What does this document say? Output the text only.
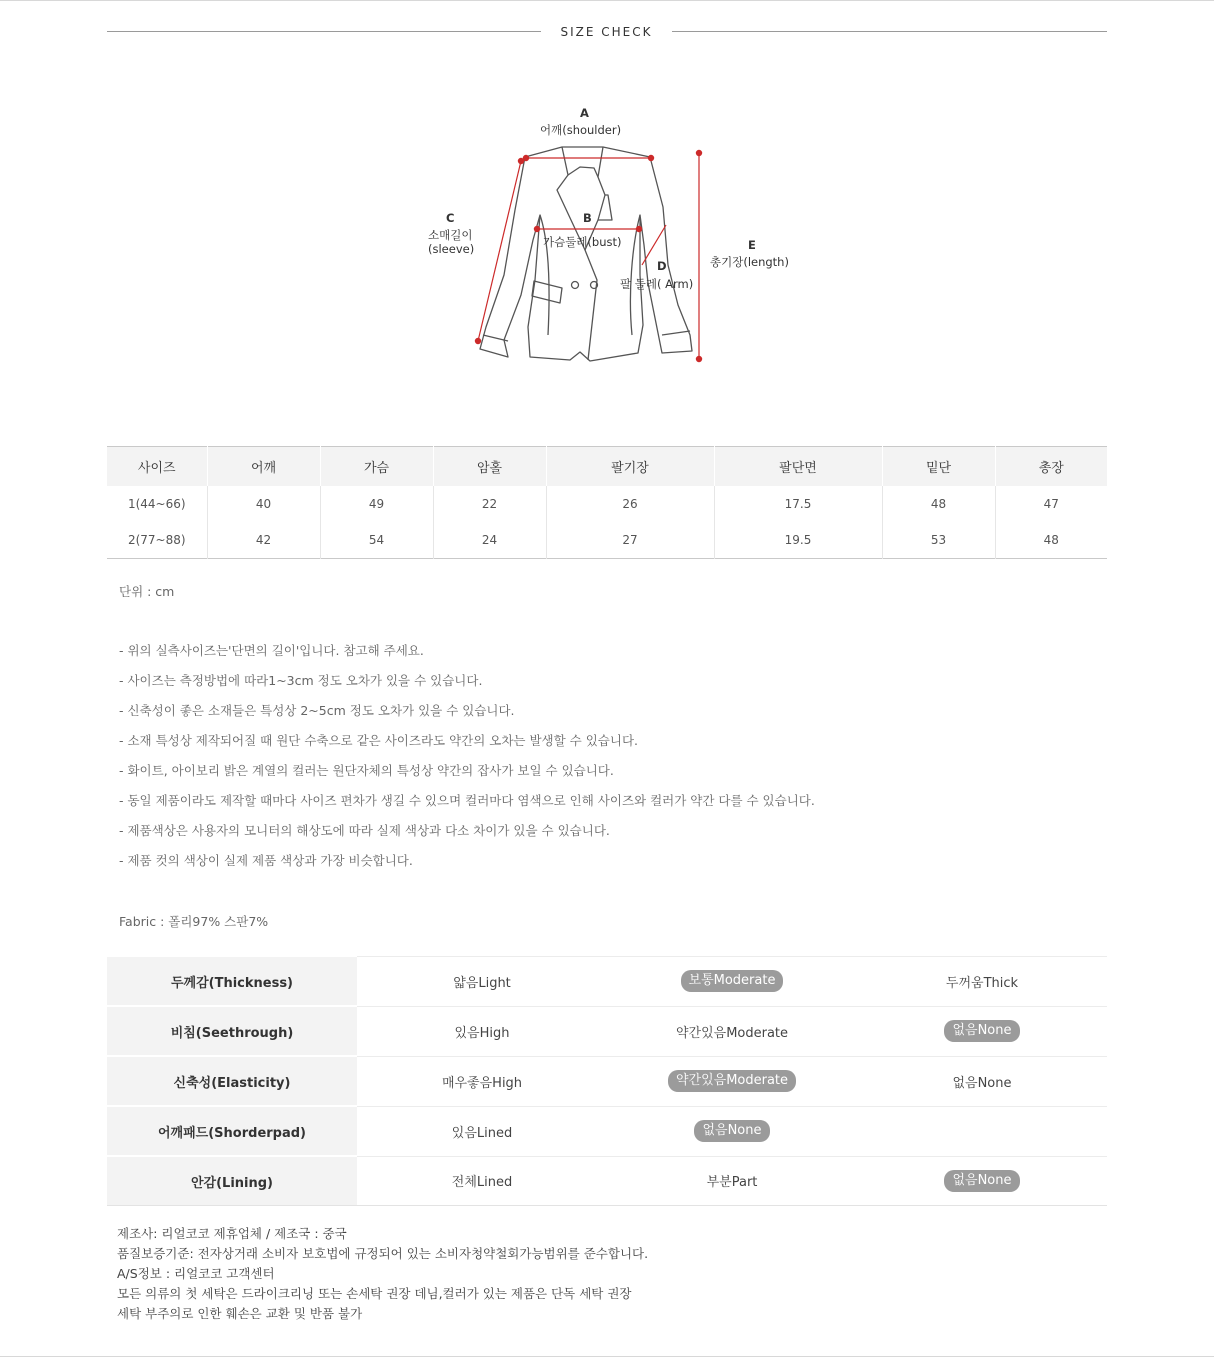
SIZE CHECK
A
어깨(shoulder)
B
가슴둘레(bust)
C
소매길이
(sleeve)
D
팔 둘레( Arm)
E
총기장(length)
사이즈	어깨	가슴	암홀	팔기장	팔단면	밑단	총장
1(44~66)	40	49	22	26	17.5	48	47
2(77~88)	42	54	24	27	19.5	53	48
단위 : cm
- 위의 실측사이즈는'단면의 길이'입니다. 참고해 주세요.
- 사이즈는 측정방법에 따라1~3cm 정도 오차가 있을 수 있습니다.
- 신축성이 좋은 소재들은 특성상 2~5cm 정도 오차가 있을 수 있습니다.
- 소재 특성상 제작되어질 때 원단 수축으로 같은 사이즈라도 약간의 오차는 발생할 수 있습니다.
- 화이트, 아이보리 밝은 계열의 컬러는 원단자체의 특성상 약간의 잡사가 보일 수 있습니다.
- 동일 제품이라도 제작할 때마다 사이즈 편차가 생길 수 있으며 컬러마다 염색으로 인해 사이즈와 컬러가 약간 다를 수 있습니다.
- 제품색상은 사용자의 모니터의 해상도에 따라 실제 색상과 다소 차이가 있을 수 있습니다.
- 제품 컷의 색상이 실제 제품 색상과 가장 비슷합니다.
Fabric : 폴리97% 스판7%
두께감(Thickness)	얇음Light	보통Moderate	두꺼움Thick
비침(Seethrough)	있음High	약간있음Moderate	없음None
신축성(Elasticity)	매우좋음High	약간있음Moderate	없음None
어깨패드(Shorderpad)	있음Lined	없음None	
안감(Lining)	전체Lined	부분Part	없음None
제조사: 리얼코코 제휴업체 / 제조국 : 중국
품질보증기준: 전자상거래 소비자 보호법에 규정되어 있는 소비자청약철회가능범위를 준수합니다.
A/S정보 : 리얼코코 고객센터
모든 의류의 첫 세탁은 드라이크리닝 또는 손세탁 권장 데님,컬러가 있는 제품은 단독 세탁 권장
세탁 부주의로 인한 훼손은 교환 및 반품 불가
